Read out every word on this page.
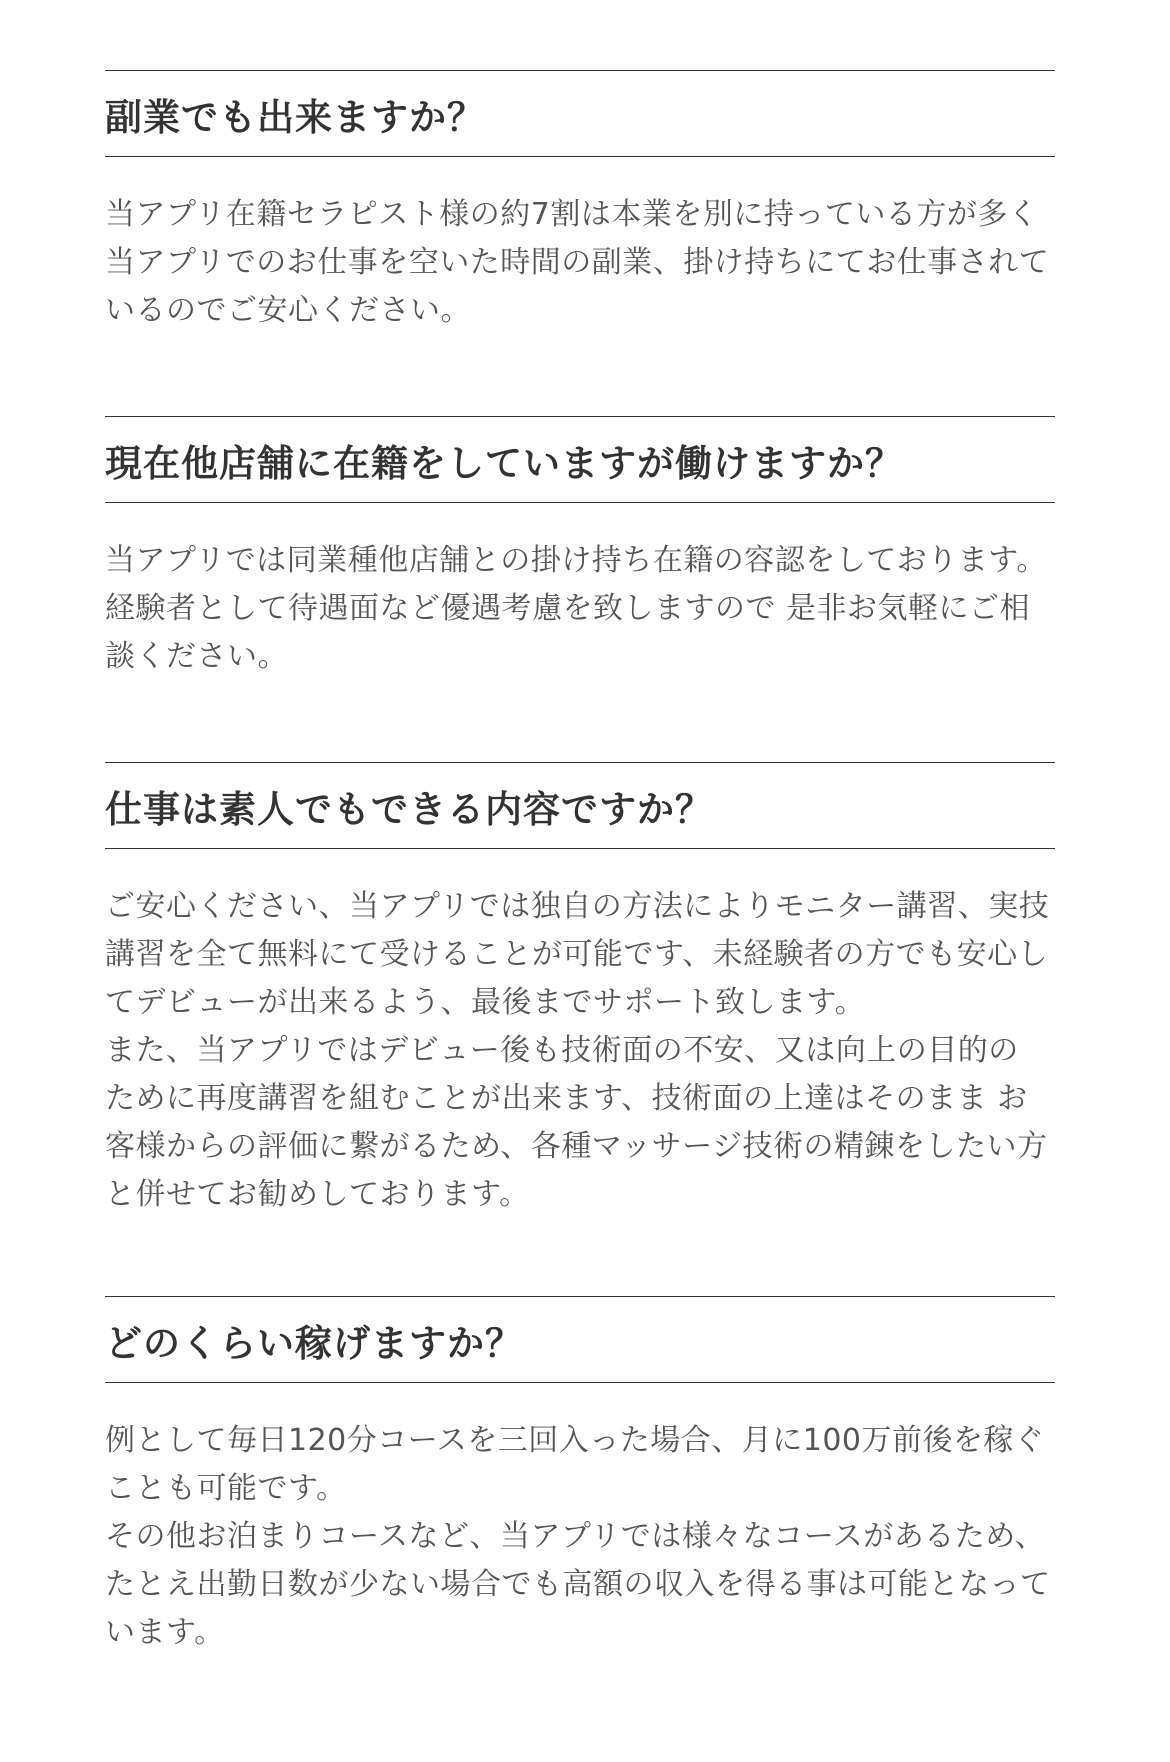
副業でも出来ますか？

当アプリ在籍セラピスト様の約7割は本業を別に持っている方が多く当アプリでのお仕事を空いた時間の副業、掛け持ちにてお仕事されているのでご安心ください。

現在他店舗に在籍をしていますが働けますか？

当アプリでは同業種他店舗との掛け持ち在籍の容認をしております。 経験者として待遇面など優遇考慮を致しますので 是非お気軽にご相談ください。

仕事は素人でもできる内容ですか？

ご安心ください、当アプリでは独自の方法によりモニター講習、実技講習を全て無料にて受けることが可能です、未経験者の方でも安心してデビューが出来るよう、最後までサポート致します。

また、当アプリではデビュー後も技術面の不安、又は向上の目的の ために再度講習を組むことが出来ます、技術面の上達はそのまま お客様からの評価に繋がるため、各種マッサージ技術の精錬をしたい方 と併せてお勧めしております。

どのくらい稼げますか？

例として毎日120分コースを三回入った場合、月に100万前後を稼ぐことも可能です。

その他お泊まりコースなど、当アプリでは様々なコースがあるため、 たとえ出勤日数が少ない場合でも高額の収入を得る事は可能となっています。
